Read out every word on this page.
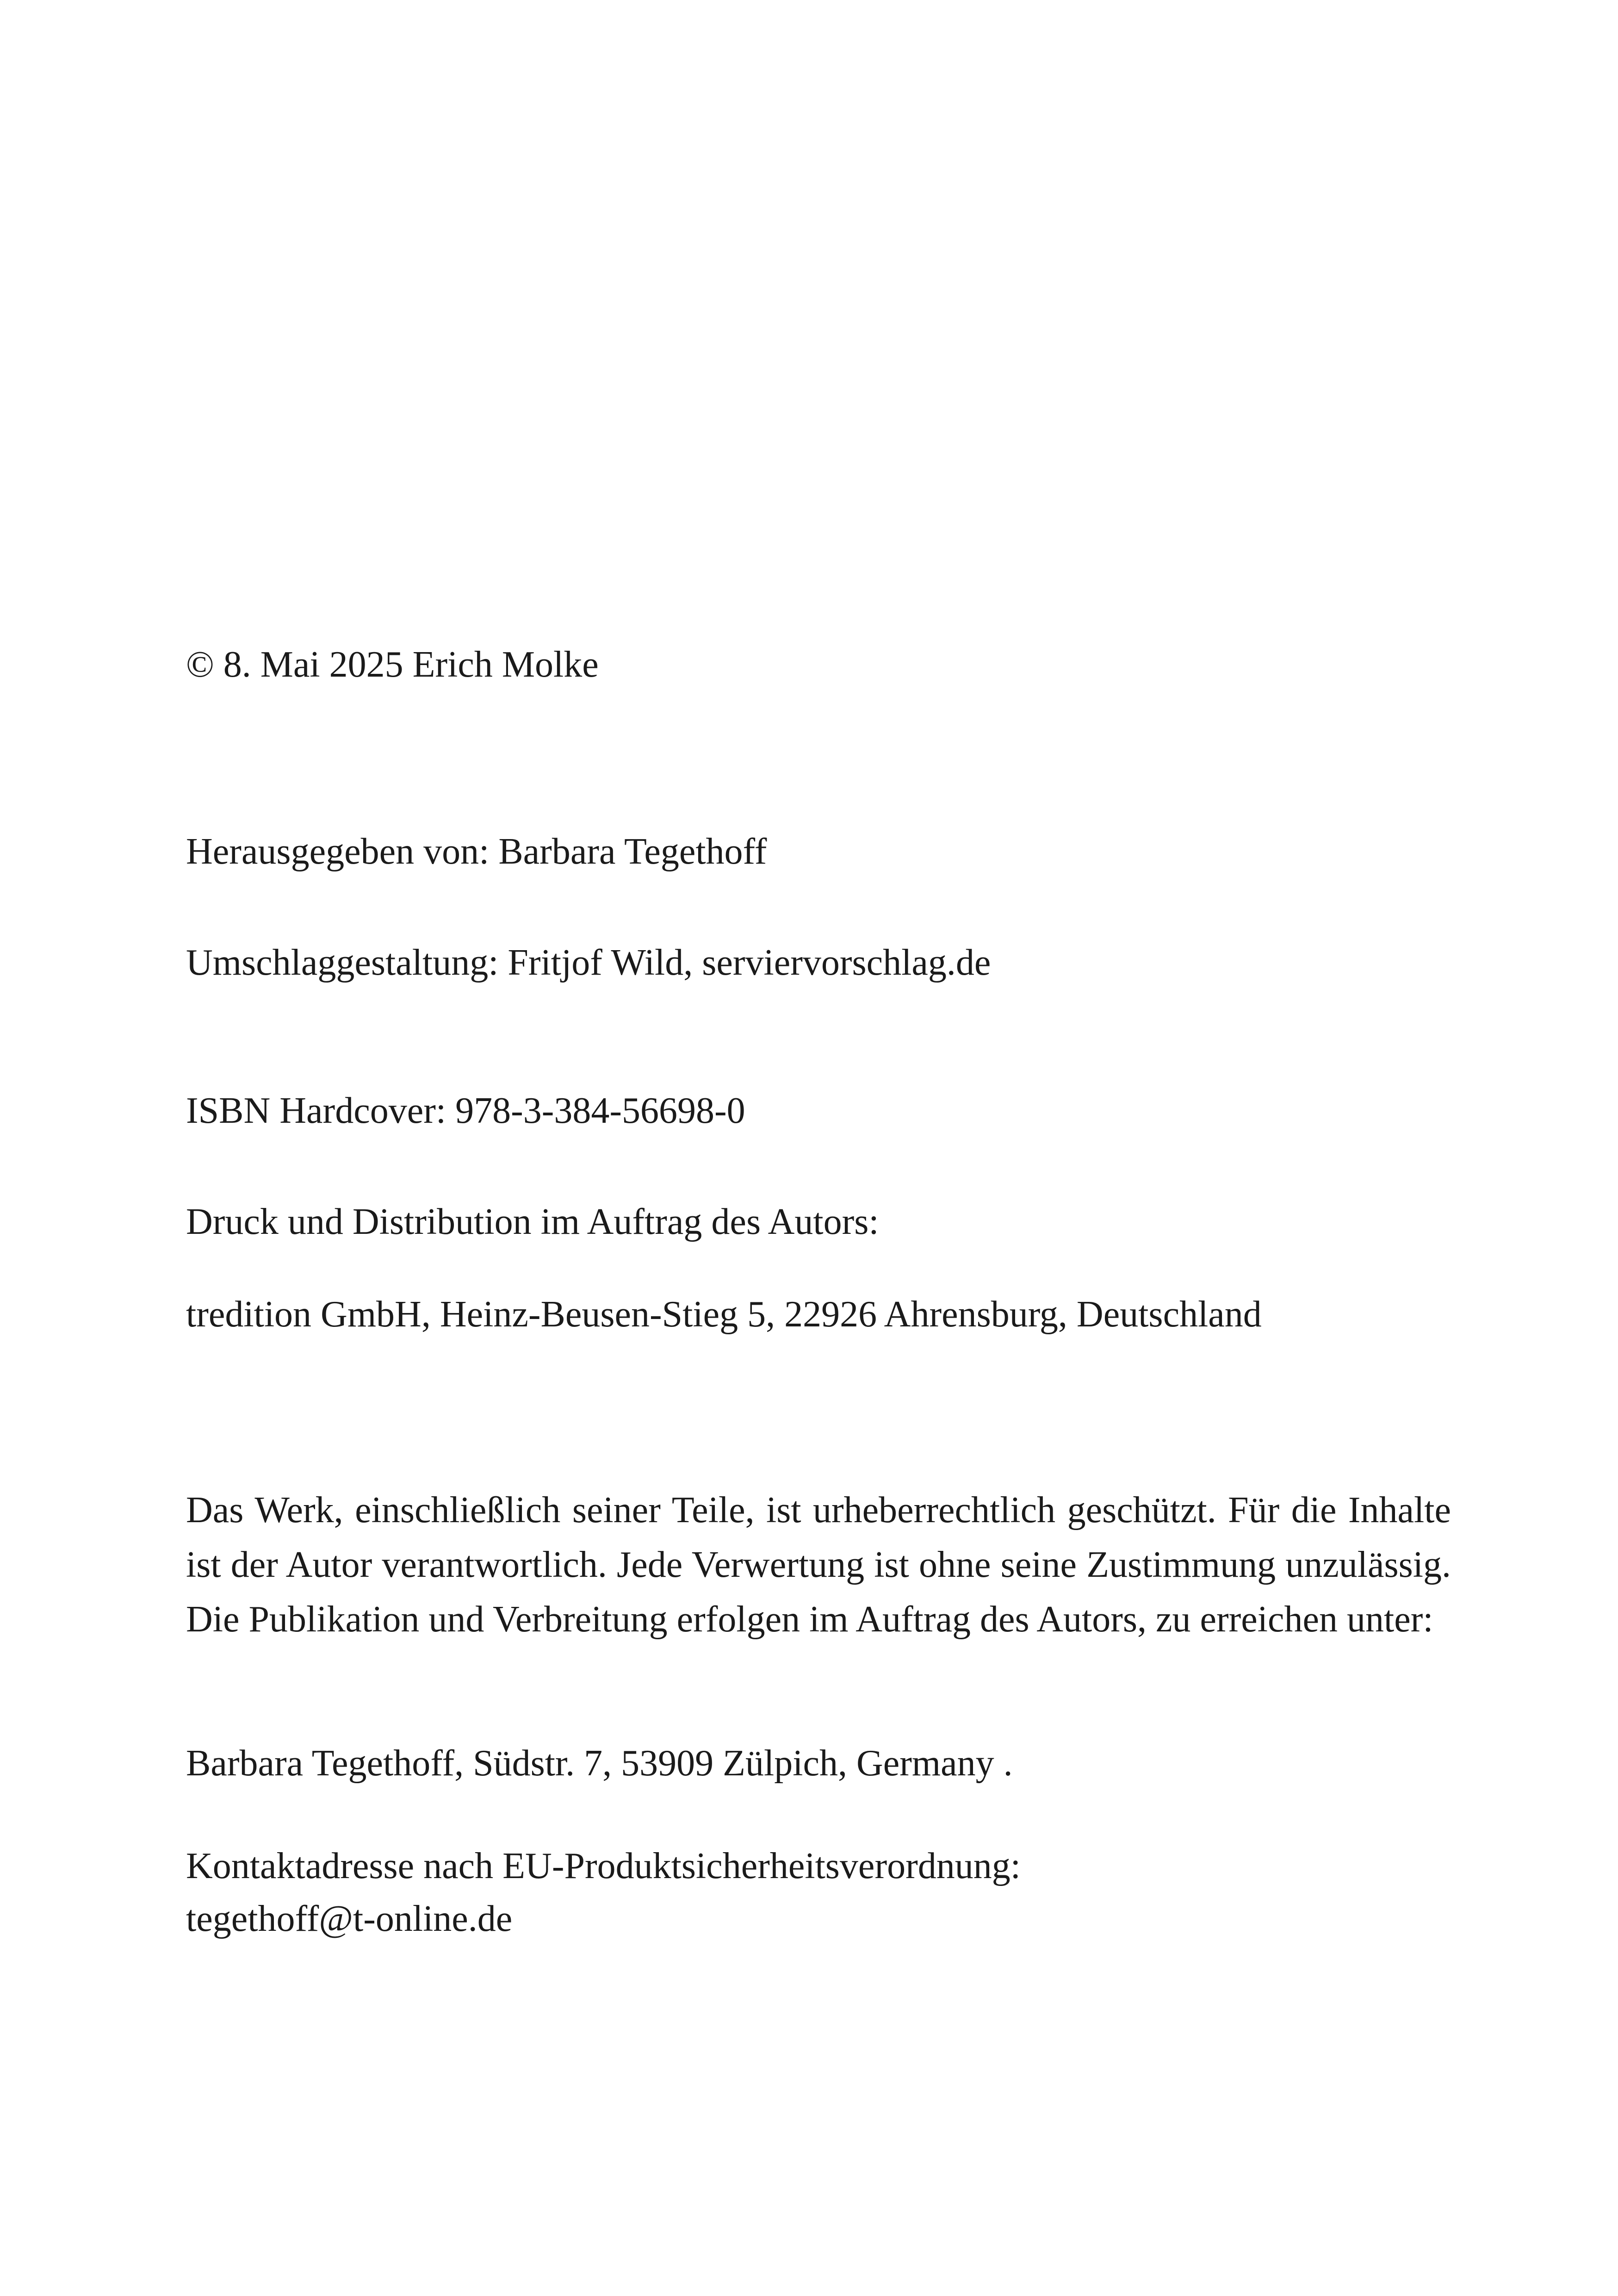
© 8. Mai 2025 Erich Molke

Herausgegeben von: Barbara Tegethoff

Umschlaggestaltung: Fritjof Wild, serviervorschlag.de

ISBN Hardcover: 978-3-384-56698-0

Druck und Distribution im Auftrag des Autors:

tredition GmbH, Heinz-Beusen-Stieg 5, 22926 Ahrensburg, Deutschland

Das Werk, einschließlich seiner Teile, ist urheberrechtlich geschützt. Für die Inhalte ist der Autor verantwortlich. Jede Verwertung ist ohne seine Zustimmung unzulässig. Die Publikation und Verbreitung erfolgen im Auftrag des Autors, zu erreichen unter:

Barbara Tegethoff, Südstr. 7, 53909 Zülpich, Germany .

Kontaktadresse nach EU-Produktsicherheitsverordnung:

tegethoff@t-online.de
